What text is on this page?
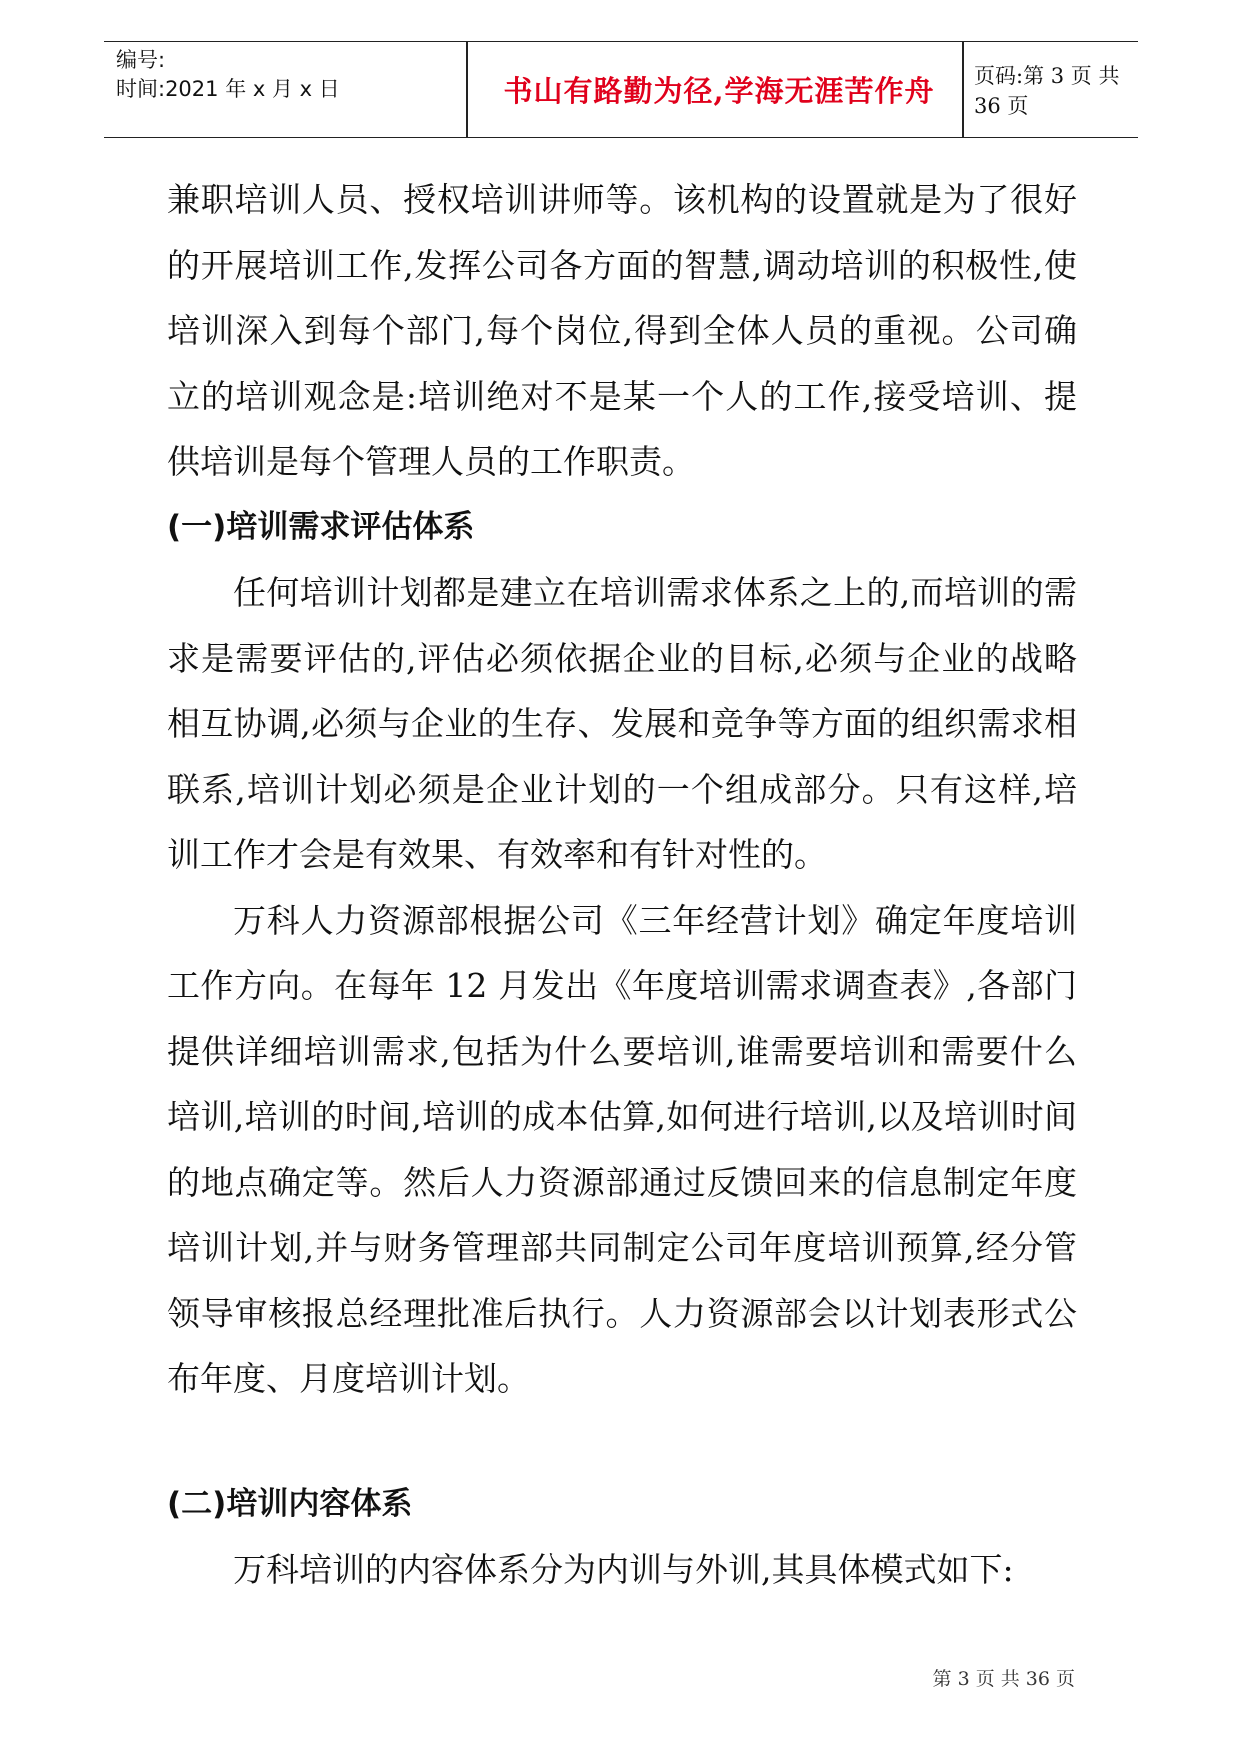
编号:
时间:2021 年 x 月 x 日	书山有路勤为径,学海无涯苦作舟	页码:第 3 页 共 36 页

兼职培训人员、授权培训讲师等。该机构的设置就是为了很好的开展培训工作,发挥公司各方面的智慧,调动培训的积极性,使培训深入到每个部门,每个岗位,得到全体人员的重视。公司确立的培训观念是:培训绝对不是某一个人的工作,接受培训、提供培训是每个管理人员的工作职责。

(一)培训需求评估体系

任何培训计划都是建立在培训需求体系之上的,而培训的需求是需要评估的,评估必须依据企业的目标,必须与企业的战略相互协调,必须与企业的生存、发展和竞争等方面的组织需求相联系,培训计划必须是企业计划的一个组成部分。只有这样,培训工作才会是有效果、有效率和有针对性的。

万科人力资源部根据公司《三年经营计划》确定年度培训工作方向。在每年 12 月发出《年度培训需求调查表》,各部门提供详细培训需求,包括为什么要培训,谁需要培训和需要什么培训,培训的时间,培训的成本估算,如何进行培训,以及培训时间的地点确定等。然后人力资源部通过反馈回来的信息制定年度培训计划,并与财务管理部共同制定公司年度培训预算,经分管领导审核报总经理批准后执行。人力资源部会以计划表形式公布年度、月度培训计划。

(二)培训内容体系

万科培训的内容体系分为内训与外训,其具体模式如下:

第 3 页 共 36 页
